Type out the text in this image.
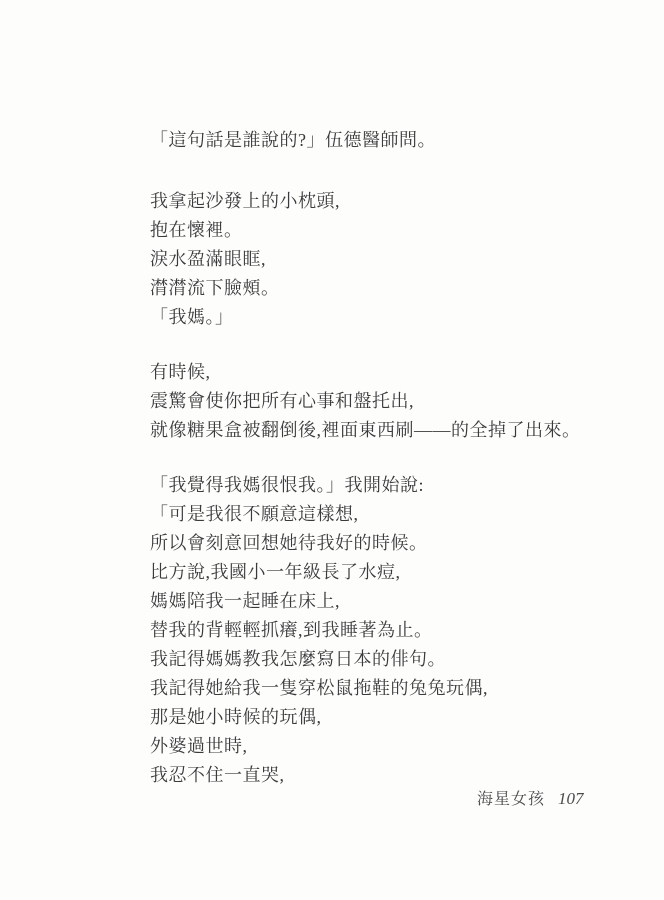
「這句話是誰說的?」伍德醫師問。
我拿起沙發上的小枕頭,
抱在懷裡。
淚水盈滿眼眶,
潸潸流下臉頰。
「我媽。」
有時候,
震驚會使你把所有心事和盤托出,
就像糖果盒被翻倒後,裡面東西刷——的全掉了出來。
「我覺得我媽很恨我。」我開始說:
「可是我很不願意這樣想,
所以會刻意回想她待我好的時候。
比方說,我國小一年級長了水痘,
媽媽陪我一起睡在床上,
替我的背輕輕抓癢,到我睡著為止。
我記得媽媽教我怎麼寫日本的俳句。
我記得她給我一隻穿松鼠拖鞋的兔兔玩偶,
那是她小時候的玩偶,
外婆過世時,
我忍不住一直哭,
海星女孩 107
